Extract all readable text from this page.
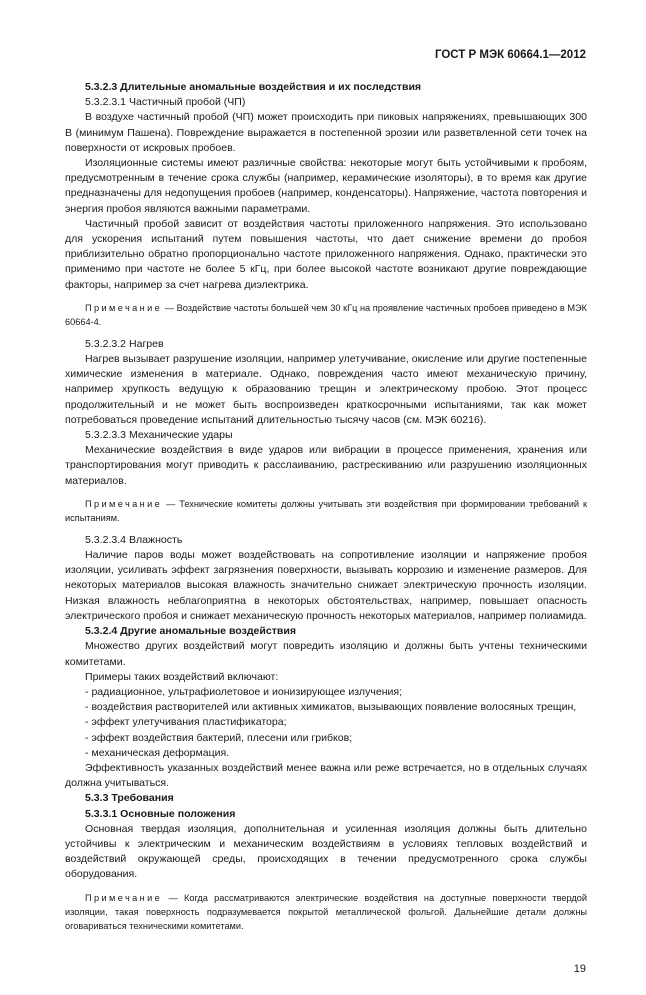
ГОСТ Р МЭК 60664.1—2012

5.3.2.3 Длительные аномальные воздействия и их последствия

5.3.2.3.1 Частичный пробой (ЧП)

В воздухе частичный пробой (ЧП) может происходить при пиковых напряжениях, превышающих 300 В (минимум Пашена). Повреждение выражается в постепенной эрозии или разветвленной сети точек на поверхности от искровых пробоев.

Изоляционные системы имеют различные свойства: некоторые могут быть устойчивыми к пробоям, предусмотренным в течение срока службы (например, керамические изоляторы), в то время как другие предназначены для недопущения пробоев (например, конденсаторы). Напряжение, частота повторения и энергия пробоя являются важными параметрами.

Частичный пробой зависит от воздействия частоты приложенного напряжения. Это использовано для ускорения испытаний путем повышения частоты, что дает снижение времени до пробоя приблизительно обратно пропорционально частоте приложенного напряжения. Однако, практически это применимо при частоте не более 5 кГц, при более высокой частоте возникают другие повреждающие факторы, например за счет нагрева диэлектрика.

Примечание — Воздействие частоты большей чем 30 кГц на проявление частичных пробоев приведено в МЭК 60664-4.

5.3.2.3.2 Нагрев

Нагрев вызывает разрушение изоляции, например улетучивание, окисление или другие постепенные химические изменения в материале. Однако, повреждения часто имеют механическую причину, например хрупкость ведущую к образованию трещин и электрическому пробою. Этот процесс продолжительный и не может быть воспроизведен краткосрочными испытаниями, так как может потребоваться проведение испытаний длительностью тысячу часов (см. МЭК 60216).

5.3.2.3.3 Механические удары

Механические воздействия в виде ударов или вибрации в процессе применения, хранения или транспортирования могут приводить к расслаиванию, растрескиванию или разрушению изоляционных материалов.

Примечание — Технические комитеты должны учитывать эти воздействия при формировании требований к испытаниям.

5.3.2.3.4 Влажность

Наличие паров воды может воздействовать на сопротивление изоляции и напряжение пробоя изоляции, усиливать эффект загрязнения поверхности, вызывать коррозию и изменение размеров. Для некоторых материалов высокая влажность значительно снижает электрическую прочность изоляции. Низкая влажность неблагоприятна в некоторых обстоятельствах, например, повышает опасность электрического пробоя и снижает механическую прочность некоторых материалов, например полиамида.

5.3.2.4 Другие аномальные воздействия

Множество других воздействий могут повредить изоляцию и должны быть учтены техническими комитетами.

Примеры таких воздействий включают:

- радиационное, ультрафиолетовое и ионизирующее излучения;

- воздействия растворителей или активных химикатов, вызывающих появление волосяных трещин,

- эффект улетучивания пластификатора;

- эффект воздействия бактерий, плесени или грибков;

- механическая деформация.

Эффективность указанных воздействий менее важна или реже встречается, но в отдельных случаях должна учитываться.

5.3.3 Требования

5.3.3.1 Основные положения

Основная твердая изоляция, дополнительная и усиленная изоляция должны быть длительно устойчивы к электрическим и механическим воздействиям в условиях тепловых воздействий и воздействий окружающей среды, происходящих в течении предусмотренного срока службы оборудования.

Примечание — Когда рассматриваются электрические воздействия на доступные поверхности твердой изоляции, такая поверхность подразумевается покрытой металлической фольгой. Дальнейшие детали должны оговариваться техническими комитетами.

19
